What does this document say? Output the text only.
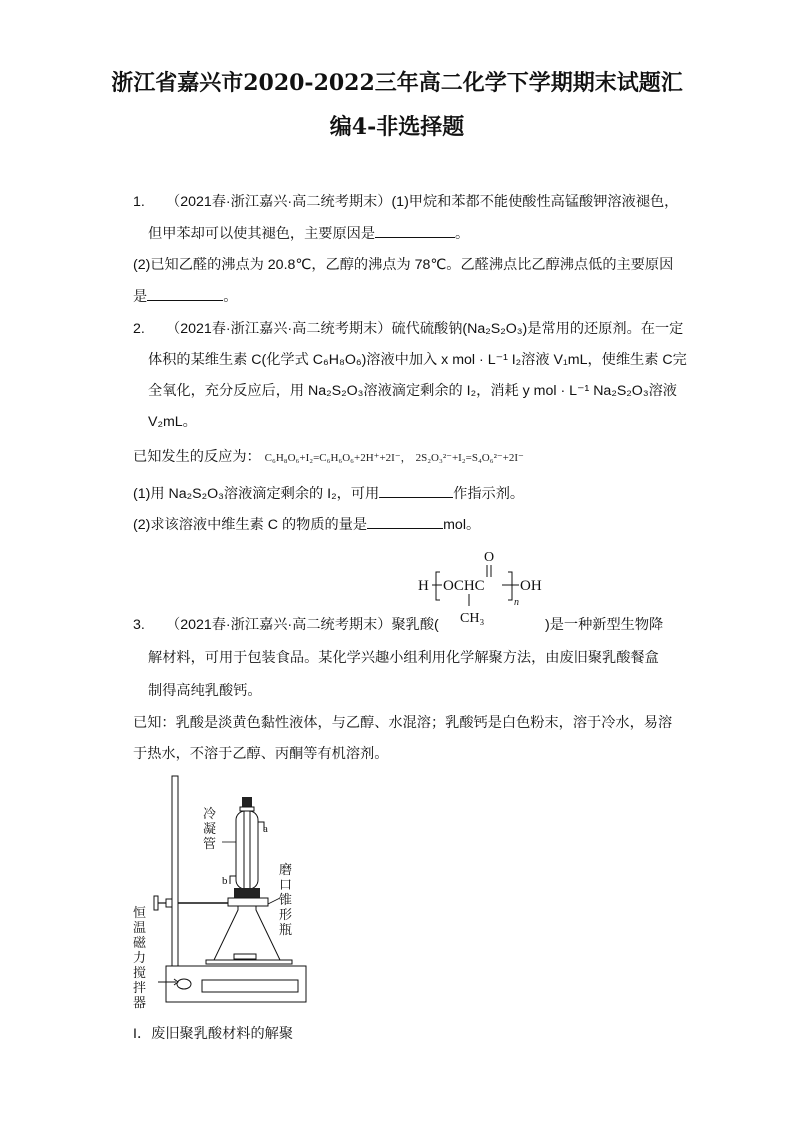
浙江省嘉兴市2020-2022三年高二化学下学期期末试题汇
编4-非选择题
1. （2021春·浙江嘉兴·高二统考期末）(1)甲烷和苯都不能使酸性高锰酸钾溶液褪色，
但甲苯却可以使其褪色，主要原因是	。
(2)已知乙醛的沸点为 20.8℃，乙醇的沸点为 78℃。乙醛沸点比乙醇沸点低的主要原因
是	。
2. （2021春·浙江嘉兴·高二统考期末）硫代硫酸钠(Na₂S₂O₃)是常用的还原剂。在一定
体积的某维生素 C(化学式 C₆H₈O₆)溶液中加入 x mol · L⁻¹ I₂溶液 V₁mL，使维生素 C完
全氧化，充分反应后，用 Na₂S₂O₃溶液滴定剩余的 I₂，消耗 y mol · L⁻¹ Na₂S₂O₃溶液
V₂mL。
已知发生的反应为： C₆H₈O₆+I₂=C₆H₆O₆+2H⁺+2I⁻， 2S₂O₃²⁻+I₂=S₄O₆²⁻+2I⁻
(1)用 Na₂S₂O₃溶液滴定剩余的 I₂，可用	作指示剂。
(2)求该溶液中维生素 C 的物质的量是	mol。
H OCHC
O
CH₃
n
OH
3. （2021春·浙江嘉兴·高二统考期末）聚乳酸(	)是一种新型生物降
解材料，可用于包装食品。某化学兴趣小组利用化学解聚方法，由废旧聚乳酸餐盒
制得高纯乳酸钙。
已知：乳酸是淡黄色黏性液体，与乙醇、水混溶；乳酸钙是白色粉末，溶于冷水，易溶
于热水，不溶于乙醇、丙酮等有机溶剂。
a
b
冷
凝
管
磨
口
锥
形
瓶
恒
温
磁
力
搅
拌
器
I．废旧聚乳酸材料的解聚
